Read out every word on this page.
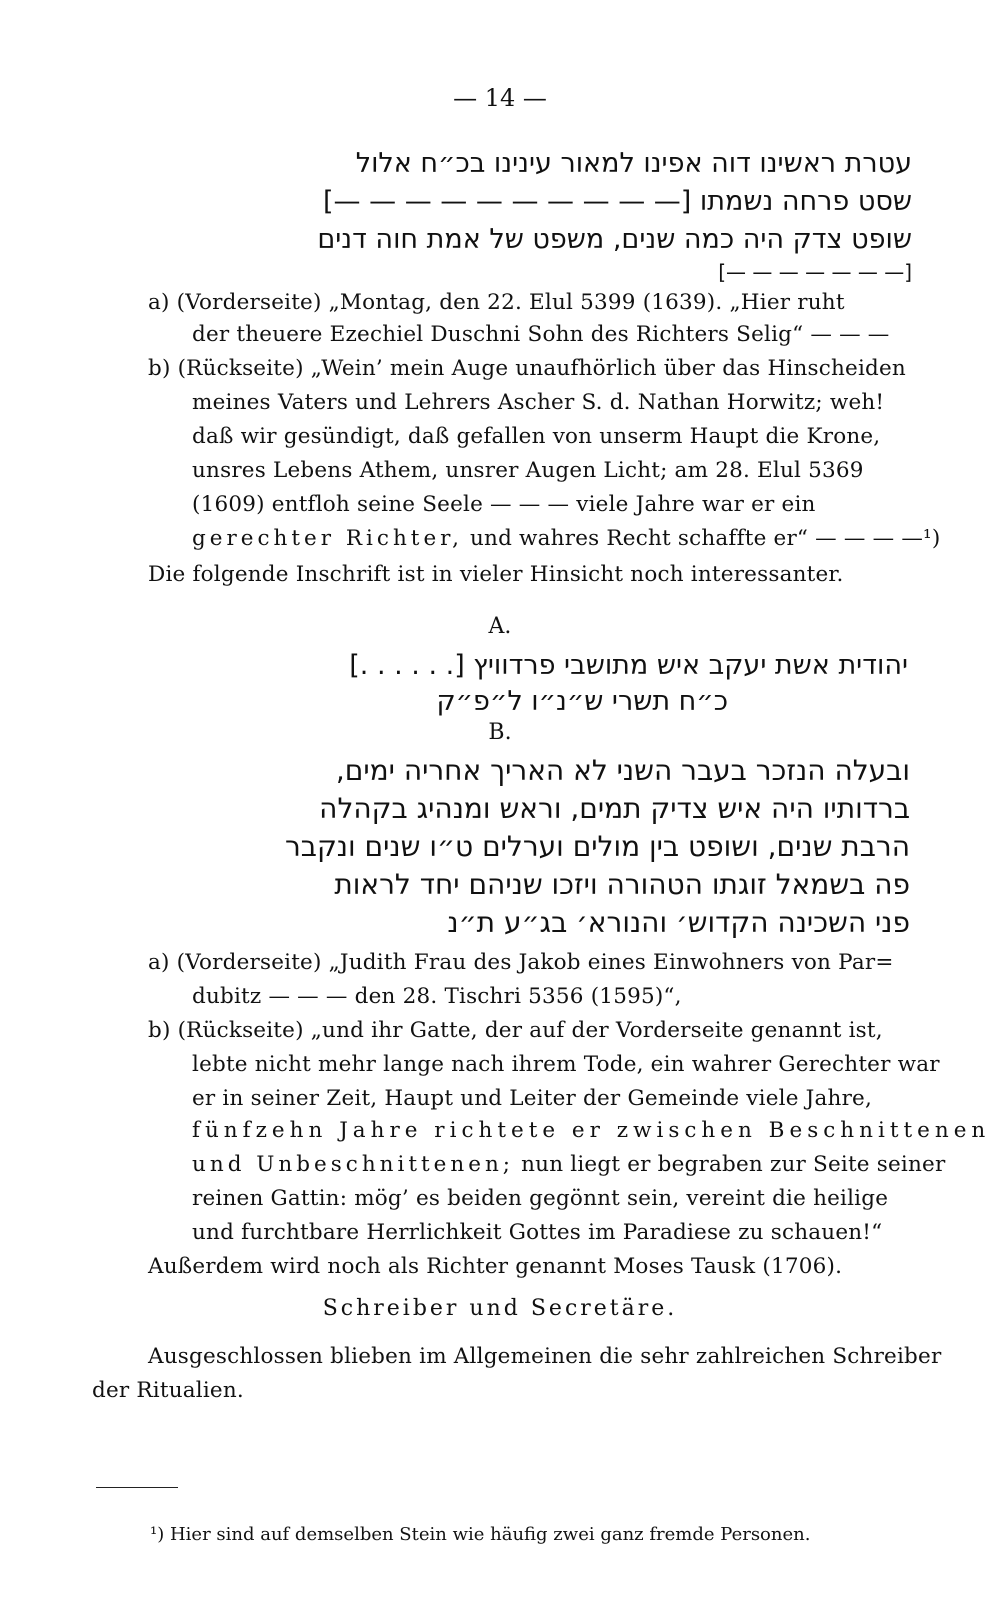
— 14 —
עטרת ראשינו דוה אפינו למאור עינינו בכ״ח אלול
שסט פרחה נשמתו [— — — — — — — — — —]
שופט צדק היה כמה שנים, משפט של אמת חוה דנים
[— — — — — — —]
a) (Vorderseite) „Montag, den 22. Elul 5399 (1639). „Hier ruht
der theuere Ezechiel Duschni Sohn des Richters Selig“ — — —
b) (Rückseite) „Wein’ mein Auge unaufhörlich über das Hinscheiden
meines Vaters und Lehrers Ascher S. d. Nathan Horwitz; weh!
daß wir gesündigt, daß gefallen von unserm Haupt die Krone,
unsres Lebens Athem, unsrer Augen Licht; am 28. Elul 5369
(1609) entfloh seine Seele — — — viele Jahre war er ein
gerechter Richter, und wahres Recht schaffte er“ — — — —¹)
Die folgende Inschrift ist in vieler Hinsicht noch interessanter.
A.
יהודית אשת יעקב איש מתושבי פרדוויץ [. . . . . .]
כ״ח תשרי ש״נ״ו ל״פ״ק
B.
ובעלה הנזכר בעבר השני לא האריך אחריה ימים,
ברדותיו היה איש צדיק תמים, וראש ומנהיג בקהלה
הרבת שנים, ושופט בין מולים וערלים ט״ו שנים ונקבר
פה בשמאל זוגתו הטהורה ויזכו שניהם יחד לראות
פני השכינה הקדוש׳ והנורא׳ בג״ע ת״נ
a) (Vorderseite) „Judith Frau des Jakob eines Einwohners von Par=
dubitz — — — den 28. Tischri 5356 (1595)“,
b) (Rückseite) „und ihr Gatte, der auf der Vorderseite genannt ist,
lebte nicht mehr lange nach ihrem Tode, ein wahrer Gerechter war
er in seiner Zeit, Haupt und Leiter der Gemeinde viele Jahre,
fünfzehn Jahre richtete er zwischen Beschnittenen
und Unbeschnittenen; nun liegt er begraben zur Seite seiner
reinen Gattin: mög’ es beiden gegönnt sein, vereint die heilige
und furchtbare Herrlichkeit Gottes im Paradiese zu schauen!“
Außerdem wird noch als Richter genannt Moses Tausk (1706).
Schreiber und Secretäre.
Ausgeschlossen blieben im Allgemeinen die sehr zahlreichen Schreiber
der Ritualien.
¹) Hier sind auf demselben Stein wie häufig zwei ganz fremde Personen.
